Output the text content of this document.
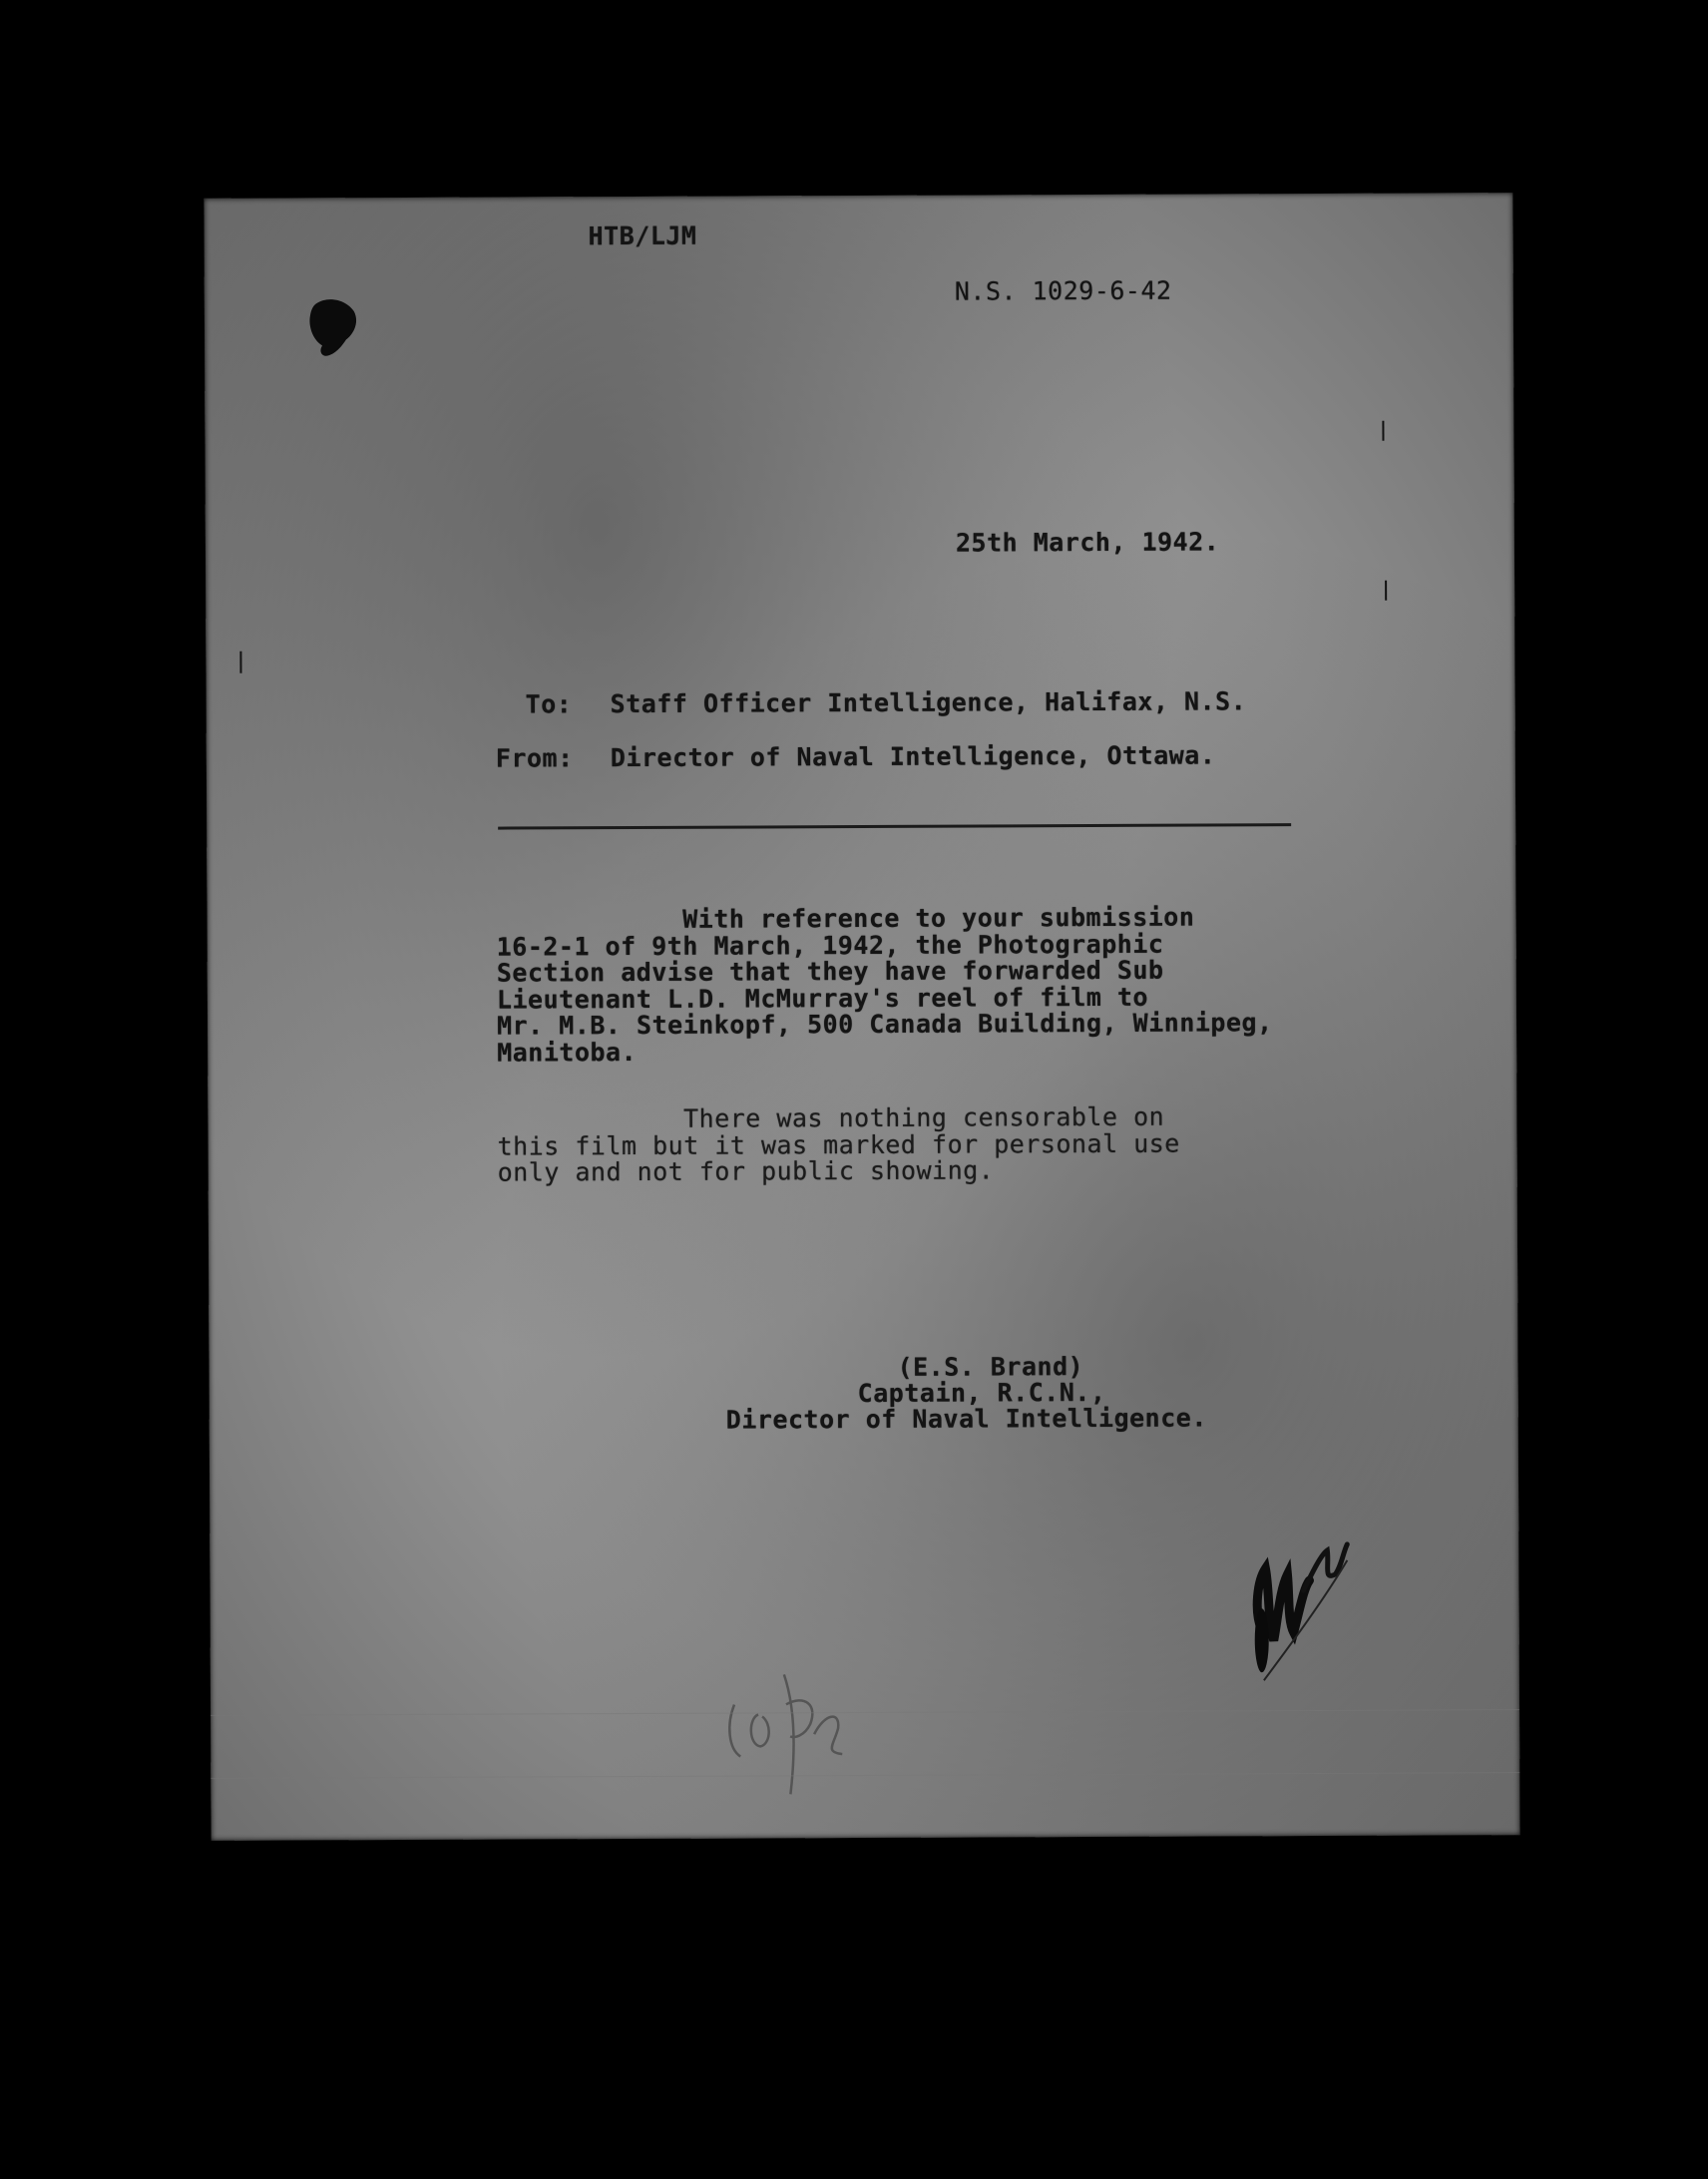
HTB/LJM
N.S. 1029-6-42
25th March, 1942.
To: Staff Officer Intelligence, Halifax, N.S.
From: Director of Naval Intelligence, Ottawa.
With reference to your submission
16-2-1 of 9th March, 1942, the Photographic
Section advise that they have forwarded Sub
Lieutenant L.D. McMurray's reel of film to
Mr. M.B. Steinkopf, 500 Canada Building, Winnipeg,
Manitoba.
There was nothing censorable on
this film but it was marked for personal use
only and not for public showing.
(E.S. Brand)
Captain, R.C.N.,
Director of Naval Intelligence.
